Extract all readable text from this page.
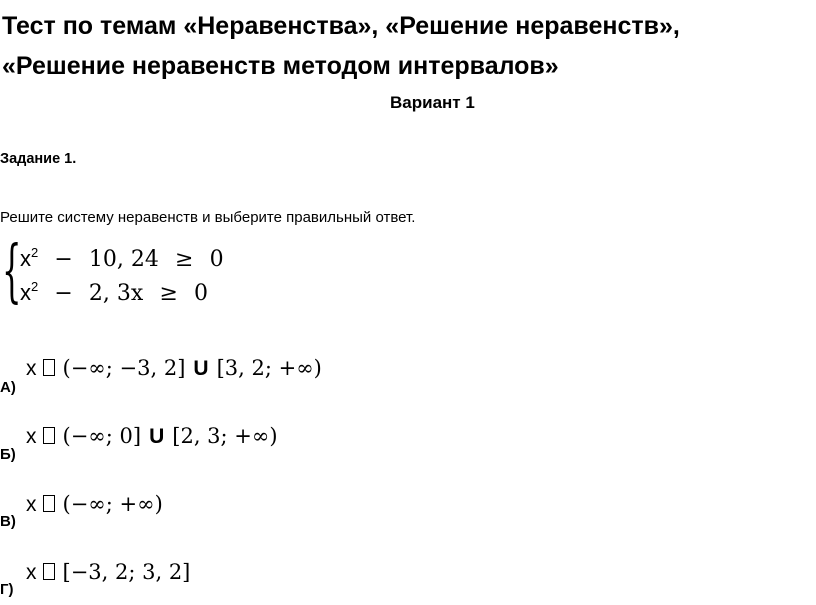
Тест по темам «Неравенства», «Решение неравенств», «Решение неравенств методом интервалов»

Вариант 1

Задание 1.

Решите систему неравенств и выберите правильный ответ.

{
$x^2 - 10$, 24 ≥ 0
$x^2 - 2$, 3x ≥ 0
x (−∞; −3, 2] U [3, 2; +∞)

А)

x (−∞; 0] U [2, 3; +∞)

Б)

x (−∞; +∞)

В)

x [−3, 2; 3, 2]

Г)
